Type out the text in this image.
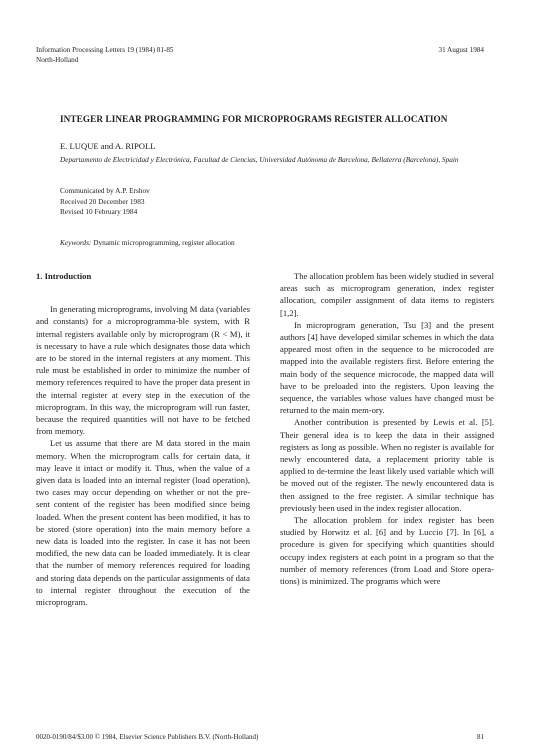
Information Processing Letters 19 (1984) 81-85
North-Holland
31 August 1984
INTEGER LINEAR PROGRAMMING FOR MICROPROGRAMS REGISTER ALLOCATION
E. LUQUE and A. RIPOLL
Departamento de Electricidad y Electrónica, Facultad de Ciencias, Universidad Autónoma de Barcelona, Bellaterra (Barcelona), Spain
Communicated by A.P. Ershov
Received 20 December 1983
Revised 10 February 1984
Keywords: Dynamic microprogramming, register allocation
1. Introduction

In generating microprograms, involving M data (variables and constants) for a microprogramma-ble system, with R internal registers available only by microprogram (R < M), it is necessary to have a rule which designates those data which are to be stored in the internal registers at any moment. This rule must be established in order to minimize the number of memory references required to have the proper data present in the internal register at every step in the execution of the microprogram. In this way, the microprogram will run faster, because the required quantities will not have to be fetched from memory.

Let us assume that there are M data stored in the main memory. When the microprogram calls for certain data, it may leave it intact or modify it. Thus, when the value of a given data is loaded into an internal register (load operation), two cases may occur depending on whether or not the pre-sent content of the register has been modified since being loaded. When the present content has been modified, it has to be stored (store operation) into the main memory before a new data is loaded into the register. In case it has not been modified, the new data can be loaded immediately. It is clear that the number of memory references required for loading and storing data depends on the particular assignments of data to internal register throughout the execution of the microprogram.

The allocation problem has been widely studied in several areas such as microprogram generation, index register allocation, compiler assignment of data items to registers [1,2].

In microprogram generation, Tsu [3] and the present authors [4] have developed similar schemes in which the data appeared most often in the sequence to be microcoded are mapped into the available registers first. Before entering the main body of the sequence microcode, the mapped data will have to be preloaded into the registers. Upon leaving the sequence, the variables whose values have changed must be returned to the main mem-ory.

Another contribution is presented by Lewis et al. [5]. Their general idea is to keep the data in their assigned registers as long as possible. When no register is available for newly encountered data, a replacement priority table is applied to de-termine the least likely used variable which will be moved out of the register. The newly encountered data is then assigned to the free register. A similar technique has previously been used in the index register allocation.

The allocation problem for index register has been studied by Horwitz et al. [6] and by Luccio [7]. In [6], a procedure is given for specifying which quantities should occupy index registers at each point in a program so that the number of memory references (from Load and Store opera-tions) is minimized. The programs which were

0020-0190/84/$3.00 © 1984, Elsevier Science Publishers B.V. (North-Holland)	81
